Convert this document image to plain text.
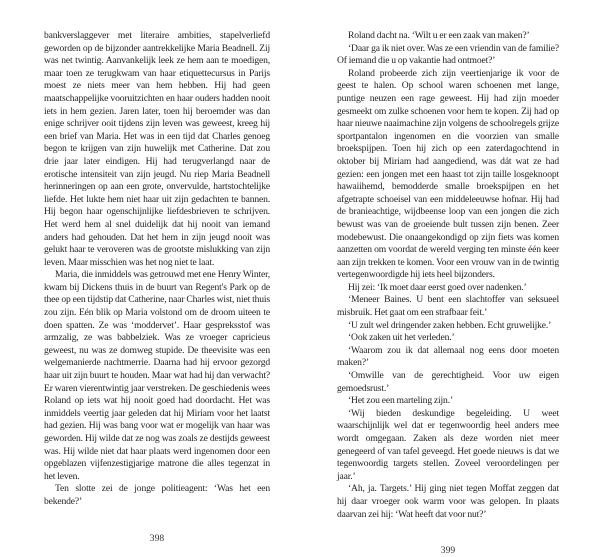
bankverslaggever met literaire ambities, stapelverliefd geworden op de bijzonder aantrekkelijke Maria Beadnell. Zij was net twintig. Aanvankelijk leek ze hem aan te moedigen, maar toen ze terugkwam van haar etiquettecursus in Parijs moest ze niets meer van hem hebben. Hij had geen maatschappelijke vooruitzichten en haar ouders hadden nooit iets in hem gezien. Jaren later, toen hij beroemder was dan enige schrijver ooit tijdens zijn leven was geweest, kreeg hij een brief van Maria. Het was in een tijd dat Charles genoeg begon te krijgen van zijn huwelijk met Catherine. Dat zou drie jaar later eindigen. Hij had terugverlangd naar de erotische intensiteit van zijn jeugd. Nu riep Maria Beadnell herinneringen op aan een grote, onvervulde, hartstochtelijke liefde. Het lukte hem niet haar uit zijn gedachten te bannen. Hij begon haar ogenschijnlijke liefdesbrieven te schrijven. Het werd hem al snel duidelijk dat hij nooit van iemand anders had gehouden. Dat het hem in zijn jeugd nooit was gelukt haar te veroveren was de grootste mislukking van zijn leven. Maar misschien was het nog niet te laat.

Maria, die inmiddels was getrouwd met ene Henry Winter, kwam bij Dickens thuis in de buurt van Regent's Park op de thee op een tijdstip dat Catherine, naar Charles wist, niet thuis zou zijn. Eén blik op Maria volstond om de droom uiteen te doen spatten. Ze was ‘moddervet’. Haar gespreksstof was armzalig, ze was babbelziek. Was ze vroeger capricieus geweest, nu was ze domweg stupide. De theevisite was een welgemanierde nachtmerrie. Daarna had hij ervoor gezorgd haar uit zijn buurt te houden. Maar wat had hij dan verwacht? Er waren vierentwintig jaar verstreken. De geschiedenis wees Roland op iets wat hij nooit goed had doordacht. Het was inmiddels veertig jaar geleden dat hij Miriam voor het laatst had gezien. Hij was bang voor wat er mogelijk van haar was geworden. Hij wilde dat ze nog was zoals ze destijds geweest was. Hij wilde niet dat haar plaats werd ingenomen door een opgeblazen vijfenzestigjarige matrone die alles tegenzat in het leven.

Ten slotte zei de jonge politieagent: ‘Was het een bekende?’

398

Roland dacht na. ‘Wilt u er een zaak van maken?’

‘Daar ga ik niet over. Was ze een vriendin van de familie? Of iemand die u op vakantie had ontmoet?’

Roland probeerde zich zijn veertienjarige ik voor de geest te halen. Op school waren schoenen met lange, puntige neuzen een rage geweest. Hij had zijn moeder gesmeekt om zulke schoenen voor hem te kopen. Zij had op haar nieuwe naaimachine zijn volgens de schoolregels grijze sportpantalon ingenomen en die voorzien van smalle broekspijpen. Toen hij zich op een zaterdagochtend in oktober bij Miriam had aangediend, was dát wat ze had gezien: een jongen met een haast tot zijn taille losgeknoopt hawaiihemd, bemodderde smalle broekspijpen en het afgetrapte schoeisel van een middeleeuwse hofnar. Hij had de branieachtige, wijdbeense loop van een jongen die zich bewust was van de groeiende bult tussen zijn benen. Zeer modebewust. Die onaangekondigd op zijn fiets was komen aanzetten om voordat de wereld verging ten minste één keer aan zijn trekken te komen. Voor een vrouw van in de twintig vertegenwoordigde hij iets heel bijzonders.

Hij zei: ‘Ik moet daar eerst goed over nadenken.’

‘Meneer Baines. U bent een slachtoffer van seksueel misbruik. Het gaat om een strafbaar feit.’

‘U zult wel dringender zaken hebben. Echt gruwelijke.’

‘Ook zaken uit het verleden.’

‘Waarom zou ik dat allemaal nog eens door moeten maken?’

‘Omwille van de gerechtigheid. Voor uw eigen gemoedsrust.’

‘Het zou een marteling zijn.’

‘Wij bieden deskundige begeleiding. U weet waarschijnlijk wel dat er tegenwoordig heel anders mee wordt omgegaan. Zaken als deze worden niet meer genegeerd of van tafel geveegd. Het goede nieuws is dat we tegenwoordig targets stellen. Zoveel veroordelingen per jaar.’

‘Ah, ja. Targets.’ Hij ging niet tegen Moffat zeggen dat hij daar vroeger ook warm voor was gelopen. In plaats daarvan zei hij: ‘Wat heeft dat voor nut?’

399
